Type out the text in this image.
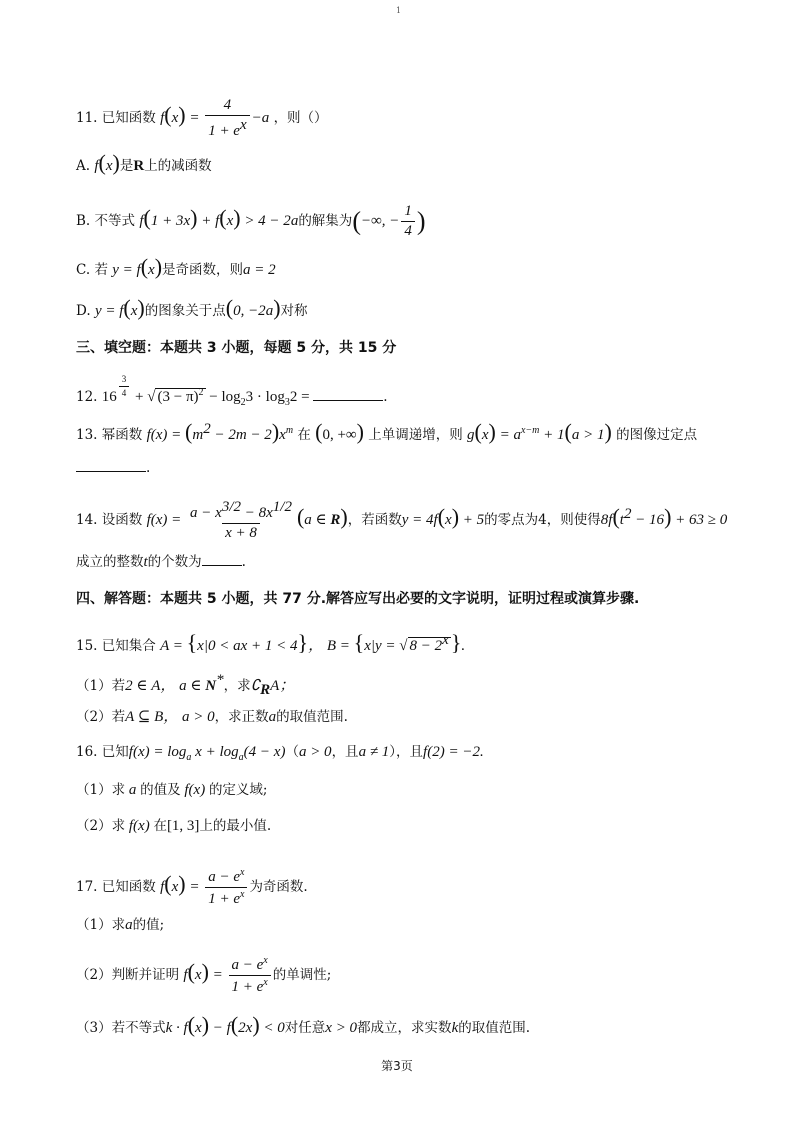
1
11. 已知函数 $f(x) = \frac{4}{1 + e^x} -a$ ，则（）
A. f(x)是R上的减函数
B. 不等式 f(1 + 3x) + f(x) > 4 − 2a的解集为(−∞, − $\frac{1}{4}$ )
C. 若 y = f(x)是奇函数，则a = 2
D. y = f(x)的图象关于点(0, −2a)对称
三、填空题：本题共 3 小题，每题 5 分，共 15 分
12. 16 $^{\frac{3}{4}}$ + √ $(3 - \pi)^2 - \log_23 \cdot \log_32$ =	.
13. 幂函数 $f(x) = (m^2 - 2m - 2)x^m$ 在 (0, +∞) 上单调递增，则 $g(x) = a^{x-m} + 1(a > 1)$ 的图像过定点
.
14. 设函数 $f(x) = \frac{a - x^{3/2} - 8x^{1/2}}{x + 8} (a$ ∈ R)，若函数y = 4f(x) + 5的零点为4，则使得$8f(t^2 - 16) + 63 \ge 0$
成立的整数t的个数为	.
四、解答题：本题共 5 小题，共 77 分.解答应写出必要的文字说明，证明过程或演算步骤.
15. 已知集合 A = {x|0 < ax + 1 < 4}， B = {x|y = √ $8 - 2^x$}.
（1）若2 ∈ A， a ∈ N*，求$∁_RA$；
（2）若A ⊆ B， a > 0，求正数a的取值范围.
16. 已知$f(x) = \log_a x + \log_a(4 - x)(a > 0$，且a ≠ 1），且f(2) = −2.
（1）求 a 的值及 f(x) 的定义域;
（2）求 f(x) 在[1, 3]上的最小值.
17. 已知函数 $f(x) = \frac{a - e^x}{1 + e^x}$ 为奇函数.
（1）求a的值;
（2）判断并证明 $f(x) = \frac{a - e^x}{1 + e^x}$ 的单调性;
（3）若不等式k · f(x) − f(2x) < 0对任意x > 0都成立，求实数k的取值范围.
第3页
